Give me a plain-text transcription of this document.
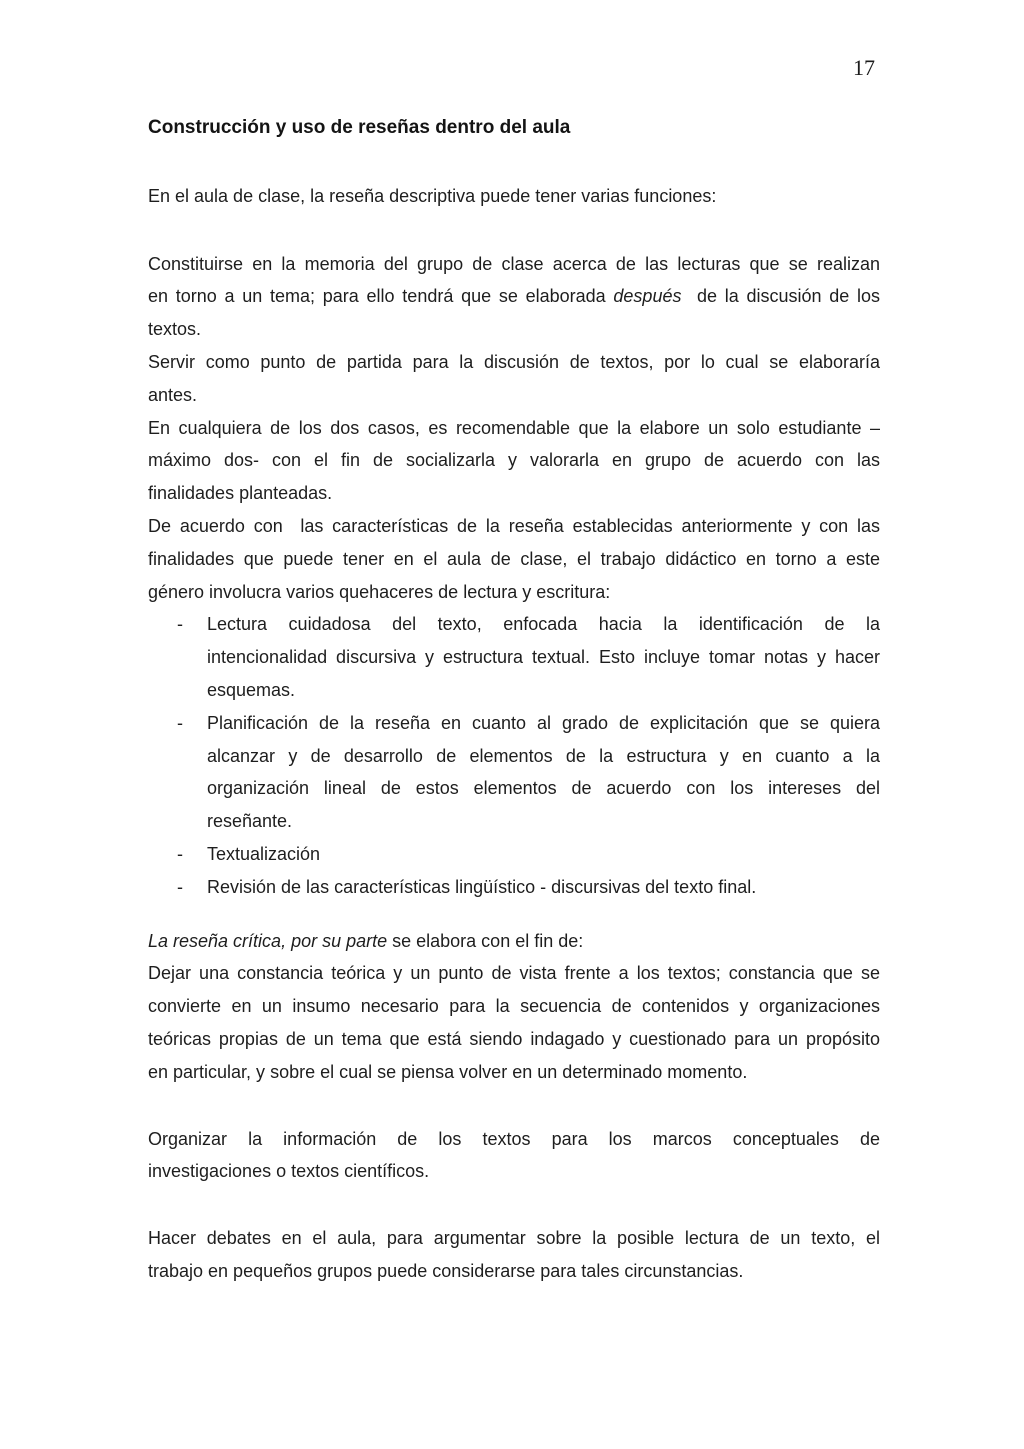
17
Construcción y uso de reseñas dentro del aula
En el aula de clase, la reseña descriptiva puede tener varias funciones:
Constituirse en la memoria del grupo de clase acerca de las lecturas que se realizan
en torno a un tema; para ello tendrá que se elaborada después  de la discusión de los
textos.
Servir como punto de partida para la discusión de textos, por lo cual se elaboraría
antes.
En cualquiera de los dos casos, es recomendable que la elabore un solo estudiante –
máximo dos- con el fin de socializarla y valorarla en grupo de acuerdo con las
finalidades planteadas.
De acuerdo con  las características de la reseña establecidas anteriormente y con las
finalidades que puede tener en el aula de clase, el trabajo didáctico en torno a este
género involucra varios quehaceres de lectura y escritura:
- Lectura cuidadosa del texto, enfocada hacia la identificación de la
intencionalidad discursiva y estructura textual. Esto incluye tomar notas y hacer
esquemas.
- Planificación de la reseña en cuanto al grado de explicitación que se quiera
alcanzar y de desarrollo de elementos de la estructura y en cuanto a la
organización lineal de estos elementos de acuerdo con los intereses del
reseñante.
- Textualización
- Revisión de las características lingüístico - discursivas del texto final.
La reseña crítica, por su parte se elabora con el fin de:
Dejar una constancia teórica y un punto de vista frente a los textos; constancia que se
convierte en un insumo necesario para la secuencia de contenidos y organizaciones
teóricas propias de un tema que está siendo indagado y cuestionado para un propósito
en particular, y sobre el cual se piensa volver en un determinado momento.
Organizar la información de los textos para los marcos conceptuales de
investigaciones o textos científicos.
Hacer debates en el aula, para argumentar sobre la posible lectura de un texto, el
trabajo en pequeños grupos puede considerarse para tales circunstancias.
